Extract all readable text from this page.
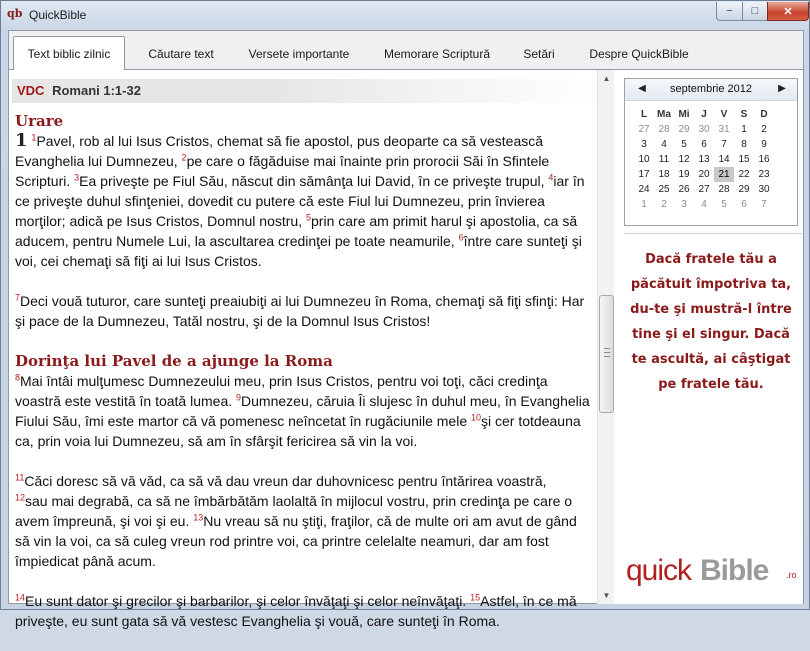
qb QuickBible	−	□	✕
Text biblic zilnic	Căutare text	Versete importante	Memorare Scriptură	Setări	Despre QuickBible
VDC Romani 1:1-32
Urare

1 $^1$Pavel, rob al lui Isus Cristos, chemat să fie apostol, pus deoparte ca să vestească Evanghelia lui Dumnezeu, $^2$pe care o făgăduise mai înainte prin prorocii Săi în Sfintele Scripturi. $^3$Ea priveşte pe Fiul Său, născut din sămânţa lui David, în ce priveşte trupul, $^4$iar în ce priveşte duhul sfinţeniei, dovedit cu putere că este Fiul lui Dumnezeu, prin învierea morţilor; adică pe Isus Cristos, Domnul nostru, $^5$prin care am primit harul şi apostolia, ca să aducem, pentru Numele Lui, la ascultarea credinţei pe toate neamurile, $^6$între care sunteţi şi voi, cei chemaţi să fiţi ai lui Isus Cristos.

$^7$Deci vouă tuturor, care sunteţi preaiubiţi ai lui Dumnezeu în Roma, chemaţi să fiţi sfinţi: Har şi pace de la Dumnezeu, Tatăl nostru, şi de la Domnul Isus Cristos!

Dorinţa lui Pavel de a ajunge la Roma

$^8$Mai întâi mulţumesc Dumnezeului meu, prin Isus Cristos, pentru voi toţi, căci credinţa voastră este vestită în toată lumea. $^9$Dumnezeu, căruia Îi slujesc în duhul meu, în Evanghelia Fiului Său, îmi este martor că vă pomenesc neîncetat în rugăciunile mele $^{10}$şi cer totdeauna ca, prin voia lui Dumnezeu, să am în sfârşit fericirea să vin la voi.

$^{11}$Căci doresc să vă văd, ca să vă dau vreun dar duhovnicesc pentru întărirea voastră,

$^{12}$sau mai degrabă, ca să ne îmbărbătăm laolaltă în mijlocul vostru, prin credinţa pe care o avem împreună, şi voi şi eu. $^{13}$Nu vreau să nu ştiţi, fraţilor, că de multe ori am avut de gând să vin la voi, ca să culeg vreun rod printre voi, ca printre celelalte neamuri, dar am fost împiedicat până acum.

$^{14}$Eu sunt dator şi grecilor şi barbarilor, şi celor învăţaţi şi celor neînvăţaţi. $^{15}$Astfel, în ce mă priveşte, eu sunt gata să vă vestesc Evanghelia şi vouă, care sunteţi în Roma.

▲
▼
◀	septembrie 2012	▶
L	Ma Mi	J	V	S	D
27 28 29 30 31	1	2
3	4	5	6	7	8	9
10 11 12 13 14 15 16
17 18 19 20 21 22 23
24 25 26 27 28 29 30
1	2	3	4	5	6	7
Dacă fratele tău a păcătuit împotriva ta, du-te şi mustră-l între tine şi el singur. Dacă te ascultă, ai câştigat pe fratele tău.
quick Bible .ro
